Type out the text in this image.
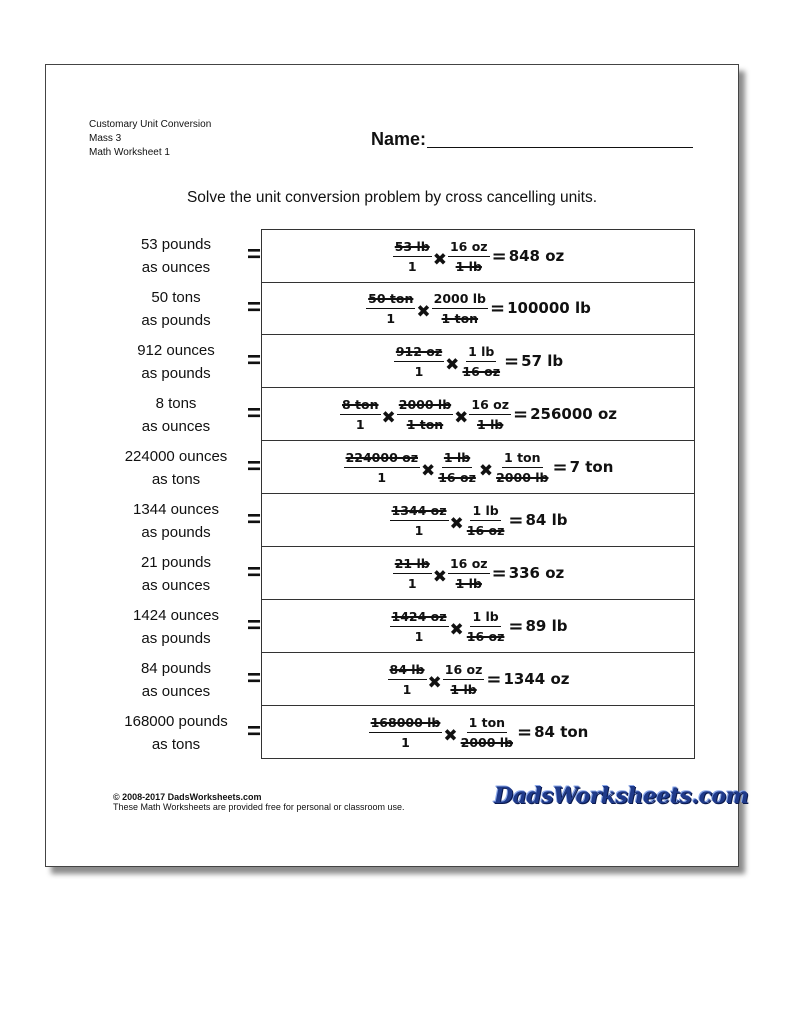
Customary Unit Conversion
Mass 3
Math Worksheet 1
Name:
Solve the unit conversion problem by cross cancelling units.
53 pounds
as ounces	=	$\frac{53 lb}{1}$ ✖ $\frac{16 oz}{1 lb} = 848$ oz
50 tons
as pounds	=	$\frac{\text{50 ton}}{1}$ ✖ $\frac{2000 lb}{\text{1 ton}} = 100000$ lb
912 ounces
as pounds	=	$\frac{912 oz}{1}$ ✖ $\frac{1 lb}{16 oz} = 57$ lb
8 tons
as ounces	=	$\frac{\text{8 ton}}{1}$ ✖ $\frac{2000 lb}{\text{1 ton}}$ ✖ $\frac{16 oz}{1 lb} = 256000$ oz
224000 ounces
as tons	=	$\frac{224000 oz}{1}$ ✖ $\frac{1 lb}{16 oz}$ ✖ $\frac{\text{1 ton}}{2000 lb} = 7$ ton
1344 ounces
as pounds	=	$\frac{1344 oz}{1}$ ✖ $\frac{1 lb}{16 oz} = 84$ lb
21 pounds
as ounces	=	$\frac{21 lb}{1}$ ✖ $\frac{16 oz}{1 lb} = 336$ oz
1424 ounces
as pounds	=	$\frac{1424 oz}{1}$ ✖ $\frac{1 lb}{16 oz} = 89$ lb
84 pounds
as ounces	=	$\frac{84 lb}{1}$ ✖ $\frac{16 oz}{1 lb} = 1344$ oz
168000 pounds
as tons	=	$\frac{168000 lb}{1}$ ✖ $\frac{\text{1 ton}}{2000 lb} = 84$ ton
© 2008-2017 DadsWorksheets.com
These Math Worksheets are provided free for personal or classroom use.	DadsWorksheets.com
